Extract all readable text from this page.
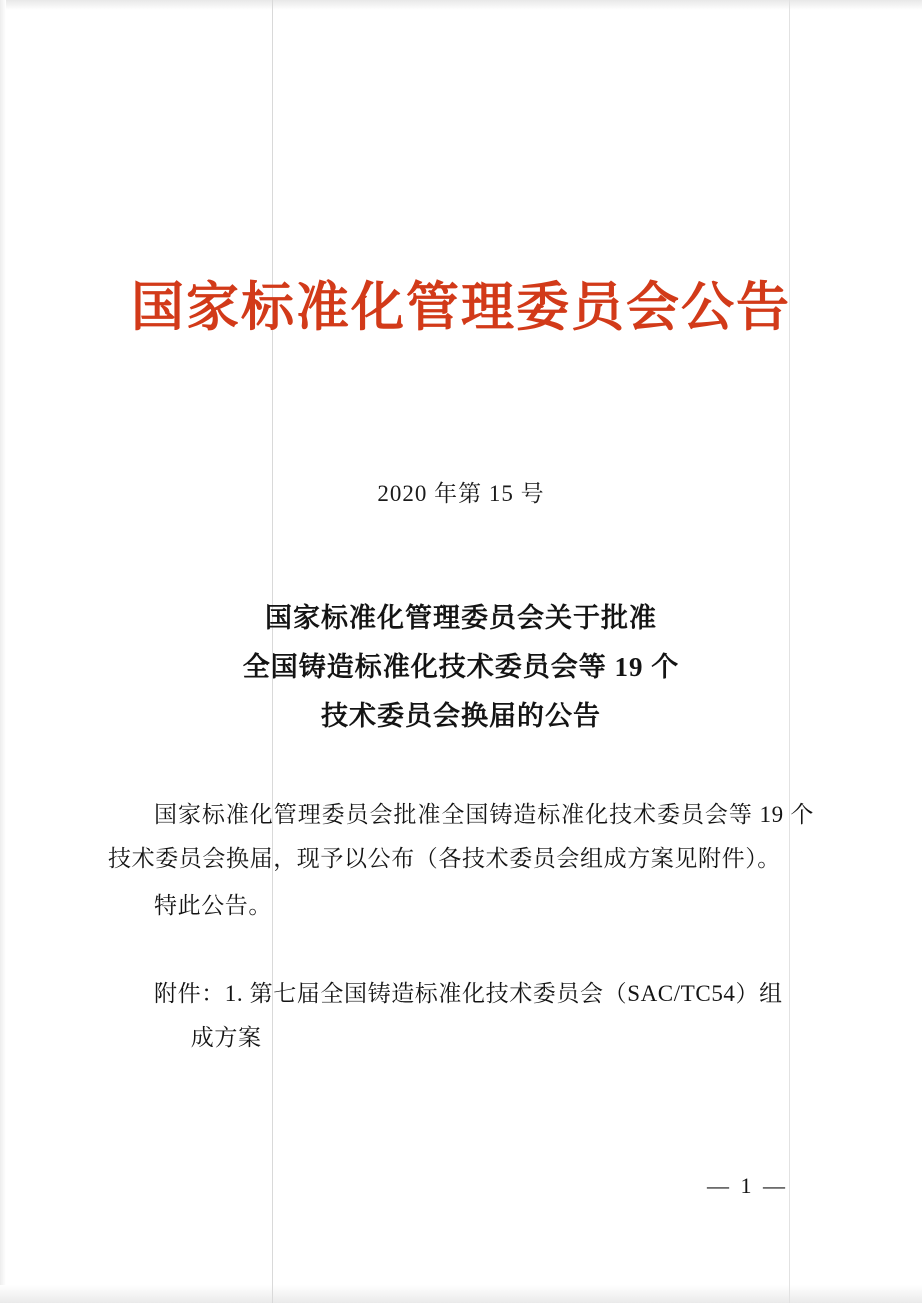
国家标准化管理委员会公告

2020 年第 15 号

国家标准化管理委员会关于批准
全国铸造标准化技术委员会等 19 个
技术委员会换届的公告

国家标准化管理委员会批准全国铸造标准化技术委员会等 19 个技术委员会换届，现予以公布（各技术委员会组成方案见附件）。

特此公告。

附件：1. 第七届全国铸造标准化技术委员会（SAC/TC54）组
成方案

— 1 —
